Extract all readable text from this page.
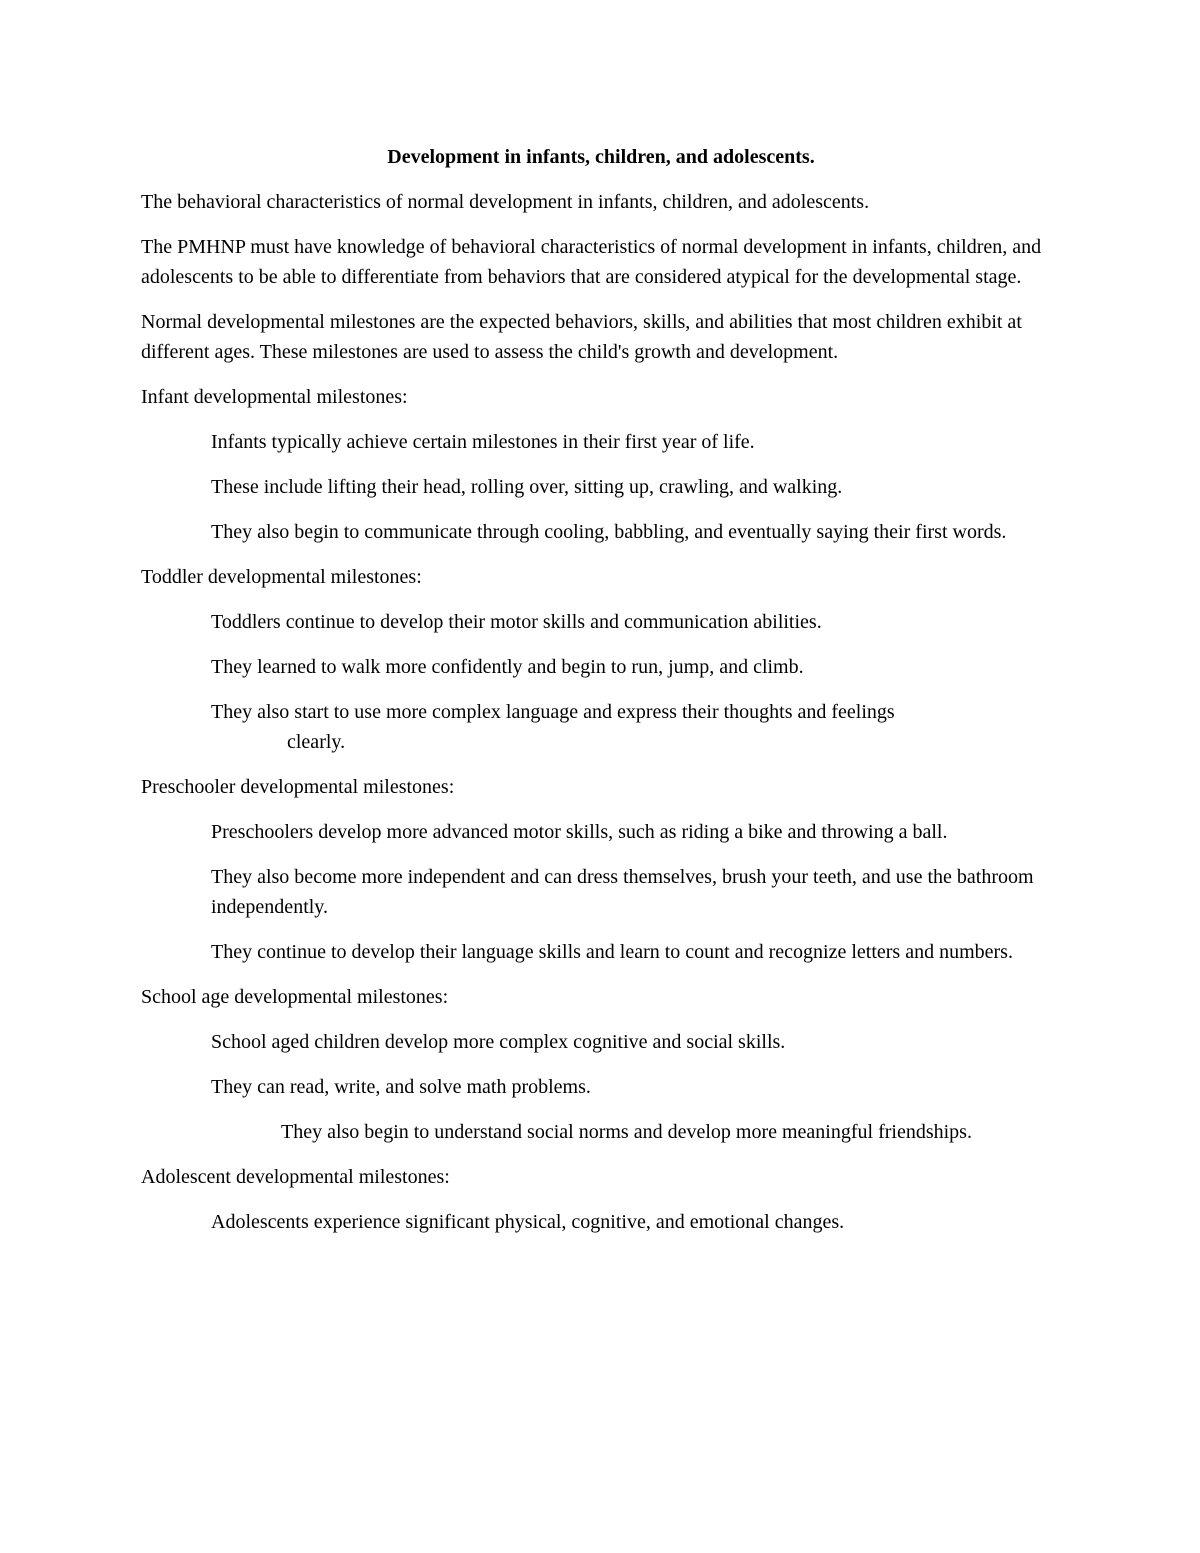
Development in infants, children, and adolescents.

The behavioral characteristics of normal development in infants, children, and adolescents.

The PMHNP must have knowledge of behavioral characteristics of normal development in infants, children, and adolescents to be able to differentiate from behaviors that are considered atypical for the developmental stage.

Normal developmental milestones are the expected behaviors, skills, and abilities that most children exhibit at different ages. These milestones are used to assess the child's growth and development.

Infant developmental milestones:

Infants typically achieve certain milestones in their first year of life.

These include lifting their head, rolling over, sitting up, crawling, and walking.

They also begin to communicate through cooling, babbling, and eventually saying their first words.

Toddler developmental milestones:

Toddlers continue to develop their motor skills and communication abilities.

They learned to walk more confidently and begin to run, jump, and climb.

They also start to use more complex language and express their thoughts and feelings
clearly.

Preschooler developmental milestones:

Preschoolers develop more advanced motor skills, such as riding a bike and throwing a ball.

They also become more independent and can dress themselves, brush your teeth, and use the bathroom independently.

They continue to develop their language skills and learn to count and recognize letters and numbers.

School age developmental milestones:

School aged children develop more complex cognitive and social skills.

They can read, write, and solve math problems.

They also begin to understand social norms and develop more meaningful friendships.

Adolescent developmental milestones:

Adolescents experience significant physical, cognitive, and emotional changes.
